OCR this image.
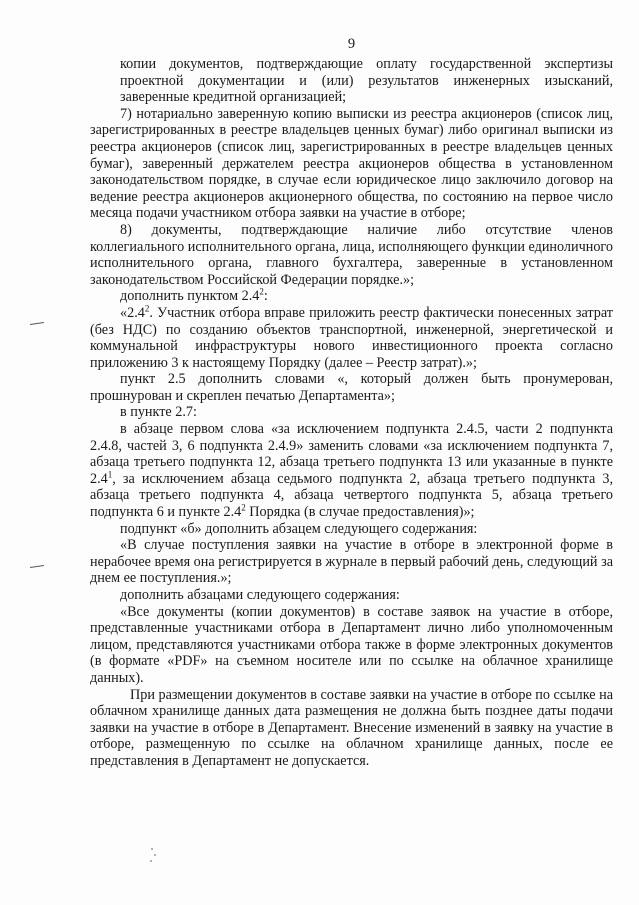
9

копии документов, подтверждающие оплату государственной экспертизы проектной документации и (или) результатов инженерных изысканий, заверенные кредитной организацией;

7) нотариально заверенную копию выписки из реестра акционеров (список лиц, зарегистрированных в реестре владельцев ценных бумаг) либо оригинал выписки из реестра акционеров (список лиц, зарегистрированных в реестре владельцев ценных бумаг), заверенный держателем реестра акционеров общества в установленном законодательством порядке, в случае если юридическое лицо заключило договор на ведение реестра акционеров акционерного общества, по состоянию на первое число месяца подачи участником отбора заявки на участие в отборе;

8) документы, подтверждающие наличие либо отсутствие членов коллегиального исполнительного органа, лица, исполняющего функции единоличного исполнительного органа, главного бухгалтера, заверенные в установленном законодательством Российской Федерации порядке.»;

дополнить пунктом $2.4^2$:

«$2.4^2$. Участник отбора вправе приложить реестр фактически понесенных затрат (без НДС) по созданию объектов транспортной, инженерной, энергетической и коммунальной инфраструктуры нового инвестиционного проекта согласно приложению 3 к настоящему Порядку (далее – Реестр затрат).»;

пункт 2.5 дополнить словами «, который должен быть пронумерован, прошнурован и скреплен печатью Департамента»;

в пункте 2.7:

в абзаце первом слова «за исключением подпункта 2.4.5, части 2 подпункта 2.4.8, частей 3, 6 подпункта 2.4.9» заменить словами «за исключением подпункта 7, абзаца третьего подпункта 12, абзаца третьего подпункта 13 или указанные в пункте $2.4^1$, за исключением абзаца седьмого подпункта 2, абзаца третьего подпункта 3, абзаца третьего подпункта 4, абзаца четвертого подпункта 5, абзаца третьего подпункта 6 и пункте $2.4^2$ Порядка (в случае предоставления)»;

подпункт «б» дополнить абзацем следующего содержания:

«В случае поступления заявки на участие в отборе в электронной форме в нерабочее время она регистрируется в журнале в первый рабочий день, следующий за днем ее поступления.»;

дополнить абзацами следующего содержания:

«Все документы (копии документов) в составе заявок на участие в отборе, представленные участниками отбора в Департамент лично либо уполномоченным лицом, представляются участниками отбора также в форме электронных документов (в формате «PDF» на съемном носителе или по ссылке на облачное хранилище данных).

При размещении документов в составе заявки на участие в отборе по ссылке на облачном хранилище данных дата размещения не должна быть позднее даты подачи заявки на участие в отборе в Департамент. Внесение изменений в заявку на участие в отборе, размещенную по ссылке на облачном хранилище данных, после ее представления в Департамент не допускается.
